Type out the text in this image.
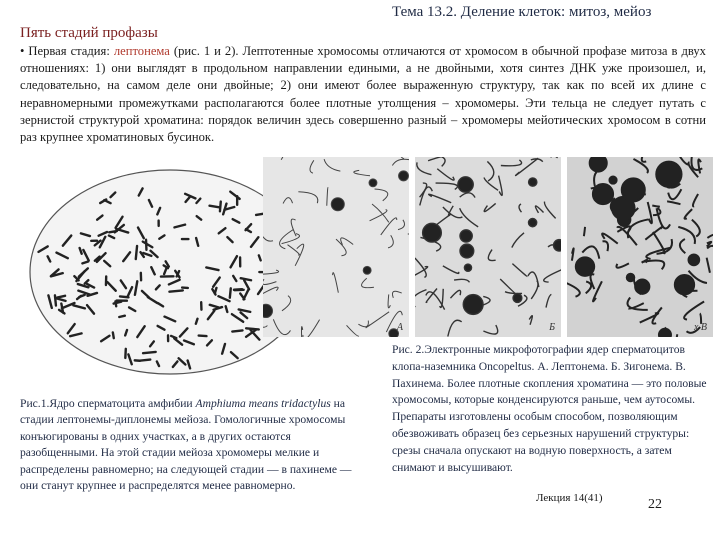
Тема 13.2. Деление клеток: митоз, мейоз
Пять стадий профазы
• Первая стадия: лептонема (рис. 1 и 2). Лептотенные хромосомы отличаются от хромосом в обычной профазе митоза в двух отношениях: 1) они выглядят в продольном направлении едиными, а не двойными, хотя синтез ДНК уже произошел, и, следовательно, на самом деле они двойные; 2) они имеют более выраженную структуру, так как по всей их длине с неравномерными промежутками располагаются более плотные утолщения – хромомеры. Эти тельца не следует путать с зернистой структурой хроматина: порядок величин здесь совершенно разный – хромомеры мейотических хромосом в сотни раз крупнее хроматиновых бусинок.
А	Б	x В
Рис.1.Ядро сперматоцита амфибии Amphiuma means tridactylus на стадии лептонемы-диплонемы мейоза. Гомологичные хромосомы конъюгированы в одних участках, а в других остаются разобщенными. На этой стадии мейоза хромомеры мелкие и распределены равномерно; на следующей стадии — в пахинеме — они станут крупнее и распределятся менее равномерно.
Рис. 2.Электронные микрофотографии ядер сперматоцитов клопа-наземника Oncopeltus. А. Лептонема. Б. Зигонема. В. Пахинема. Более плотные скопления хроматина — это половые хромосомы, которые конденсируются раньше, чем аутосомы. Препараты изготовлены особым способом, позволяющим обезвоживать образец без серьезных нарушений структуры: срезы сначала опускают на водную поверхность, а затем снимают и высушивают.
Лекция 14(41)	22
